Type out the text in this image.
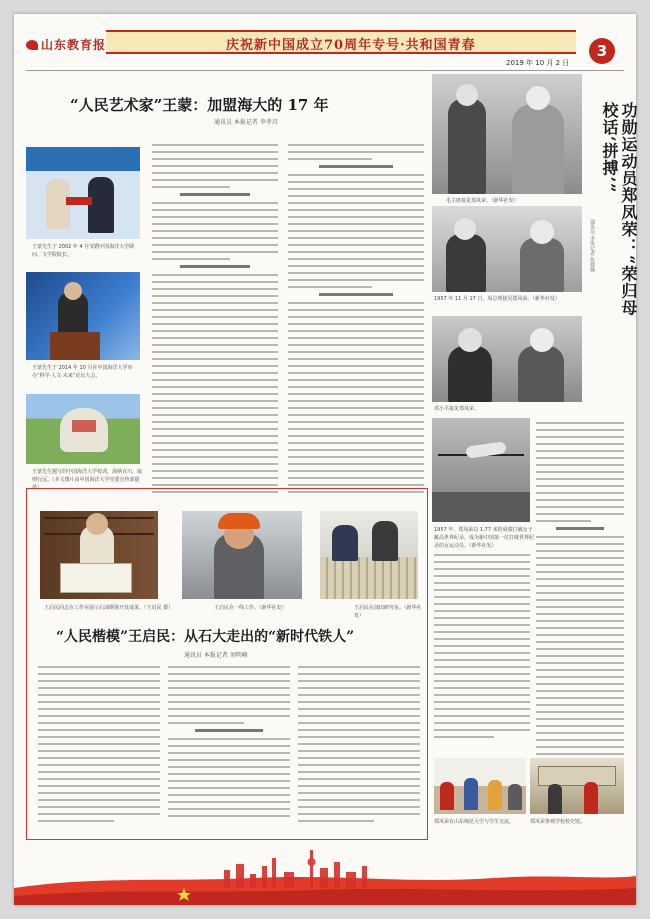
山东教育报	庆祝新中国成立70周年专号·共和国青春
2019 年 10 月 2 日
3
“人民艺术家”王蒙：加盟海大的 17 年
通讯员 本报记者 李孝昌
王蒙先生于 2002 年 4 月受聘中国海洋大学顾问、文学院院长。
王蒙先生于 2014 年 10 月在中国海洋大学举办“科学·人文·未来”论坛大会。
王蒙先生题写的中国海洋大学校训，海纳百川，取则行远。（本文图片由中国海洋大学党委宣传部提供）
毛主席接见郑凤荣。（新华社发）	功勋运动员郑凤荣：“荣归母校话‘拼搏’”
通讯员 本报记者 张德臻
1957 年 11 月 17 日，周总理接见郑凤荣。（新华社发）
邓小平接见郑凤荣。
1957 年，郑凤荣以 1.77 米的成绩打破女子跳高世界纪录，成为新中国第一位打破世界纪录的女运动员。（新华社发）
郑凤荣在山东师范大学与学生交流。	郑凤荣参观学校校史馆。
王启民同志在工作室展示石油勘探开发成果。（王启民 摄）	王启民在一线工作。（新华社发）	王启民在油田研究室。（新华社发）
“人民楷模”王启民：从石大走出的“新时代铁人”
通讯员 本报记者 刘明峰
